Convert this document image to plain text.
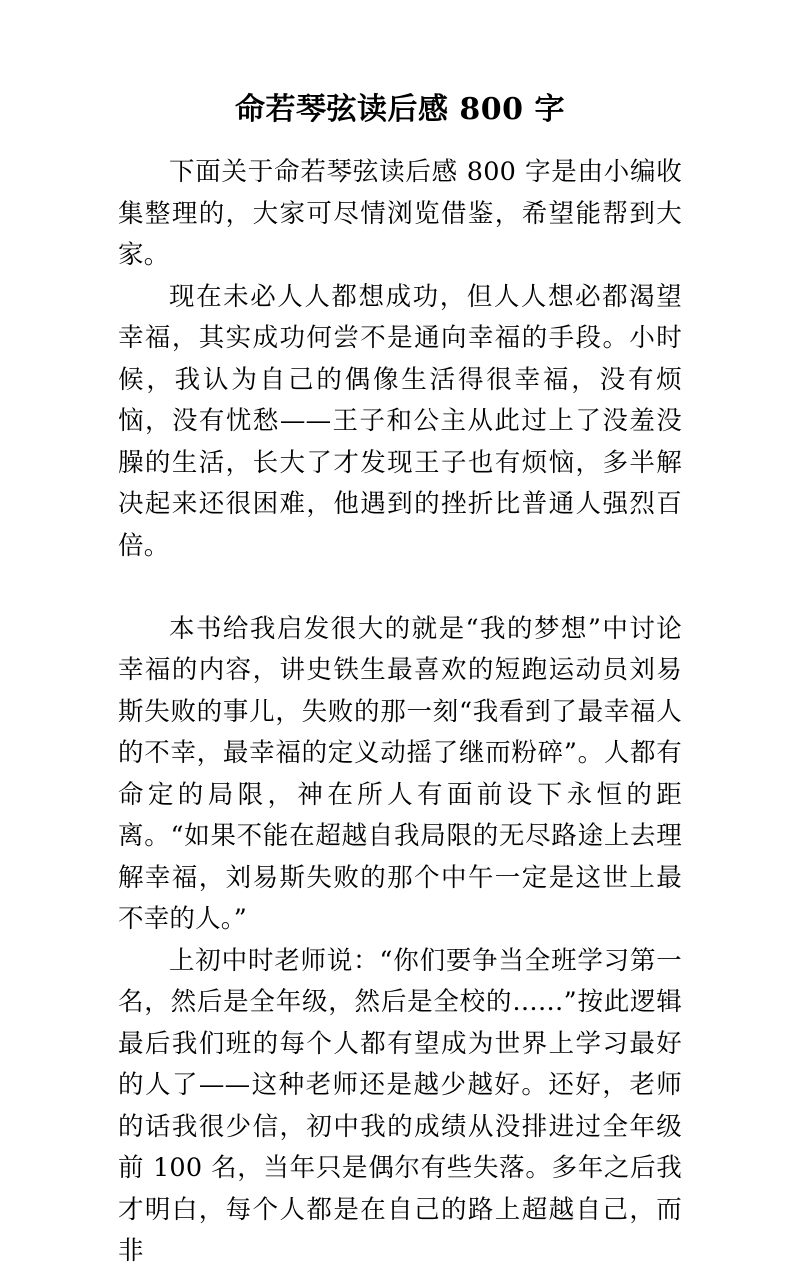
命若琴弦读后感 800 字

下面关于命若琴弦读后感 800 字是由小编收集整理的，大家可尽情浏览借鉴，希望能帮到大家。

现在未必人人都想成功，但人人想必都渴望幸福，其实成功何尝不是通向幸福的手段。小时候，我认为自己的偶像生活得很幸福，没有烦恼，没有忧愁——王子和公主从此过上了没羞没臊的生活，长大了才发现王子也有烦恼，多半解决起来还很困难，他遇到的挫折比普通人强烈百倍。

本书给我启发很大的就是“我的梦想”中讨论幸福的内容，讲史铁生最喜欢的短跑运动员刘易斯失败的事儿，失败的那一刻“我看到了最幸福人的不幸，最幸福的定义动摇了继而粉碎”。人都有命定的局限，神在所人有面前设下永恒的距离。“如果不能在超越自我局限的无尽路途上去理解幸福，刘易斯失败的那个中午一定是这世上最不幸的人。”

上初中时老师说：“你们要争当全班学习第一名，然后是全年级，然后是全校的……”按此逻辑最后我们班的每个人都有望成为世界上学习最好的人了——这种老师还是越少越好。还好，老师的话我很少信，初中我的成绩从没排进过全年级前 100 名，当年只是偶尔有些失落。多年之后我才明白，每个人都是在自己的路上超越自己，而非
